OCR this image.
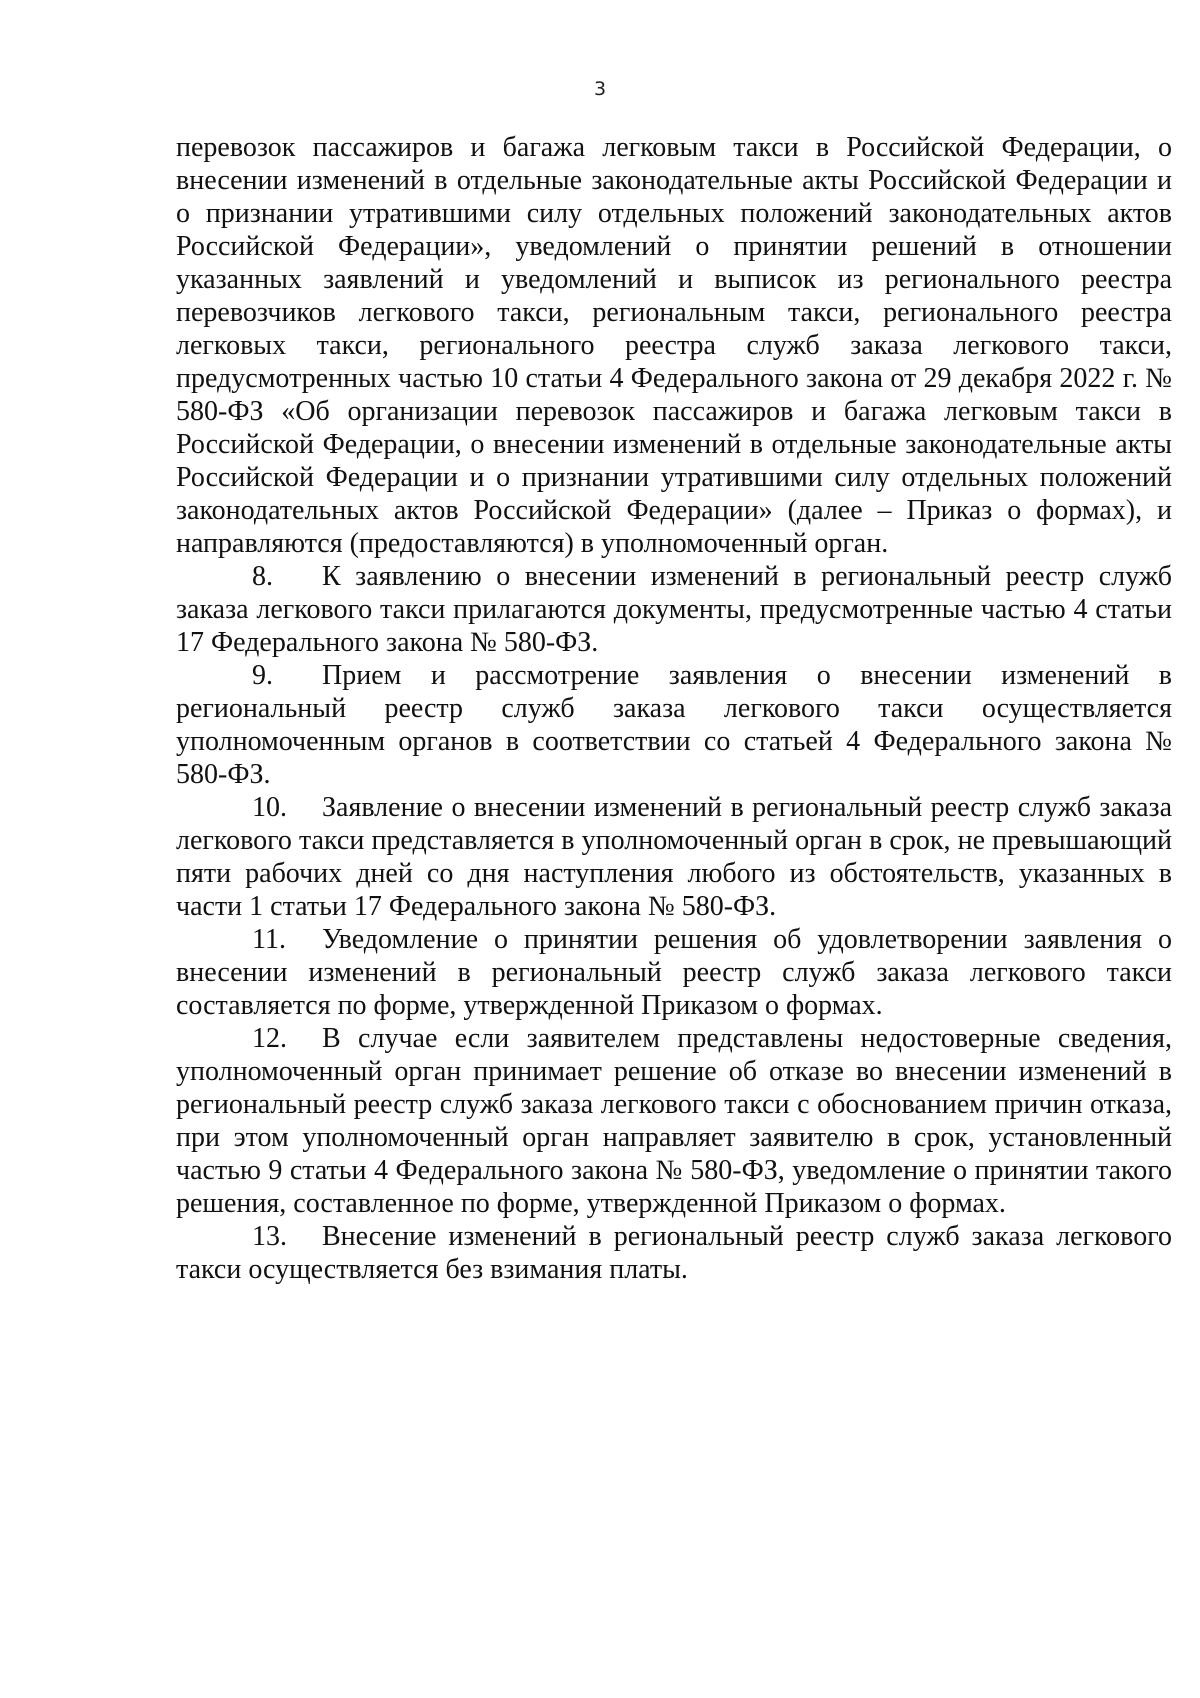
3

перевозок пассажиров и багажа легковым такси в Российской Федерации, о внесении изменений в отдельные законодательные акты Российской Федерации и о признании утратившими силу отдельных положений законодательных актов Российской Федерации», уведомлений о принятии решений в отношении указанных заявлений и уведомлений и выписок из регионального реестра перевозчиков легкового такси, региональным такси, регионального реестра легковых такси, регионального реестра служб заказа легкового такси, предусмотренных частью 10 статьи 4 Федерального закона от 29 декабря 2022 г. № 580-ФЗ «Об организации перевозок пассажиров и багажа легковым такси в Российской Федерации, о внесении изменений в отдельные законодательные акты Российской Федерации и о признании утратившими силу отдельных положений законодательных актов Российской Федерации» (далее – Приказ о формах), и направляются (предоставляются) в уполномоченный орган.

8. К заявлению о внесении изменений в региональный реестр служб заказа легкового такси прилагаются документы, предусмотренные частью 4 статьи 17 Федерального закона № 580-ФЗ.

9. Прием и рассмотрение заявления о внесении изменений в региональный реестр служб заказа легкового такси осуществляется уполномоченным органов в соответствии со статьей 4 Федерального закона № 580-ФЗ.

10. Заявление о внесении изменений в региональный реестр служб заказа легкового такси представляется в уполномоченный орган в срок, не превышающий пяти рабочих дней со дня наступления любого из обстоятельств, указанных в части 1 статьи 17 Федерального закона № 580-ФЗ.

11. Уведомление о принятии решения об удовлетворении заявления о внесении изменений в региональный реестр служб заказа легкового такси составляется по форме, утвержденной Приказом о формах.

12. В случае если заявителем представлены недостоверные сведения, уполномоченный орган принимает решение об отказе во внесении изменений в региональный реестр служб заказа легкового такси с обоснованием причин отказа, при этом уполномоченный орган направляет заявителю в срок, установленный частью 9 статьи 4 Федерального закона № 580-ФЗ, уведомление о принятии такого решения, составленное по форме, утвержденной Приказом о формах.

13. Внесение изменений в региональный реестр служб заказа легкового такси осуществляется без взимания платы.
